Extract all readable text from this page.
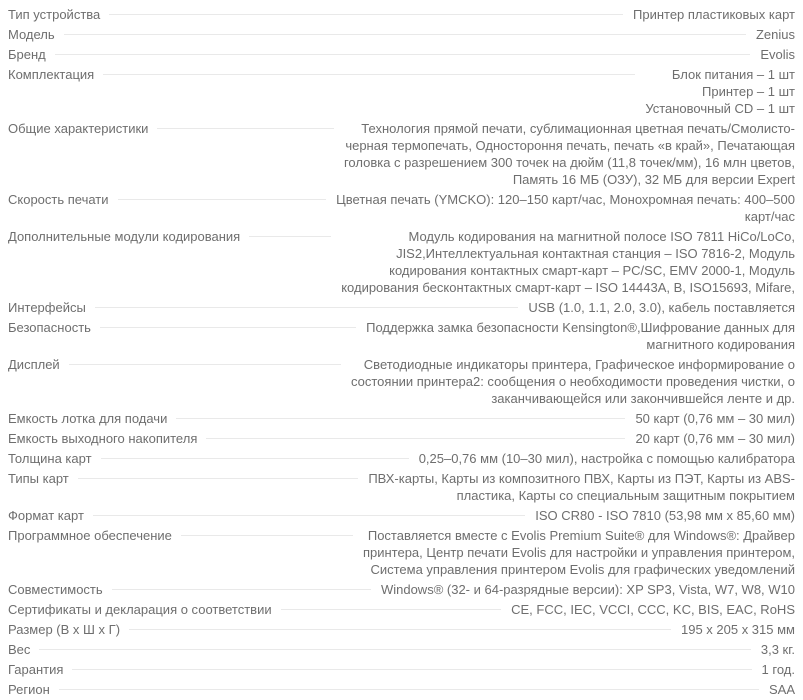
Тип устройства	Принтер пластиковых карт
Модель	Zenius
Бренд	Evolis
Комплектация	Блок питания – 1 шт
Принтер – 1 шт
Установочный CD – 1 шт
Общие характеристики	Технология прямой печати, сублимационная цветная печать/Смолисто-
черная термопечать, Одностороння печать, печать «в край», Печатающая
головка с разрешением 300 точек на дюйм (11,8 точек/мм), 16 млн цветов,
Память 16 МБ (ОЗУ), 32 МБ для версии Expert
Скорость печати	Цветная печать (YMCKO): 120–150 карт/час, Монохромная печать: 400–500
карт/час
Дополнительные модули кодирования	Модуль кодирования на магнитной полосе ISO 7811 HiCo/LoCo,
JIS2,Интеллектуальная контактная станция – ISO 7816-2, Модуль
кодирования контактных смарт-карт – PC/SC, EMV 2000-1, Модуль
кодирования бесконтактных смарт-карт – ISO 14443A, B, ISO15693, Mifare,
Интерфейсы	USB (1.0, 1.1, 2.0, 3.0), кабель поставляется
Безопасность	Поддержка замка безопасности Kensington®,Шифрование данных для
магнитного кодирования
Дисплей	Светодиодные индикаторы принтера, Графическое информирование о
состоянии принтера2: сообщения о необходимости проведения чистки, о
заканчивающейся или закончившейся ленте и др.
Емкость лотка для подачи	50 карт (0,76 мм – 30 мил)
Емкость выходного накопителя	20 карт (0,76 мм – 30 мил)
Толщина карт	0,25–0,76 мм (10–30 мил), настройка с помощью калибратора
Типы карт	ПВХ-карты, Карты из композитного ПВХ, Карты из ПЭТ, Карты из ABS-
пластика, Карты со специальным защитным покрытием
Формат карт	ISO CR80 - ISO 7810 (53,98 мм x 85,60 мм)
Программное обеспечение	Поставляется вместе с Evolis Premium Suite® для Windows®: Драйвер
принтера, Центр печати Evolis для настройки и управления принтером,
Система управления принтером Evolis для графических уведомлений
Совместимость	Windows® (32- и 64-разрядные версии): XP SP3, Vista, W7, W8, W10
Сертификаты и декларация о соответствии	CE, FCC, IEC, VCCI, CCC, KC, BIS, EAC, RoHS
Размер (В х Ш х Г)	195 x 205 x 315 мм
Вес	3,3 кг.
Гарантия	1 год.
Регион	SAA
